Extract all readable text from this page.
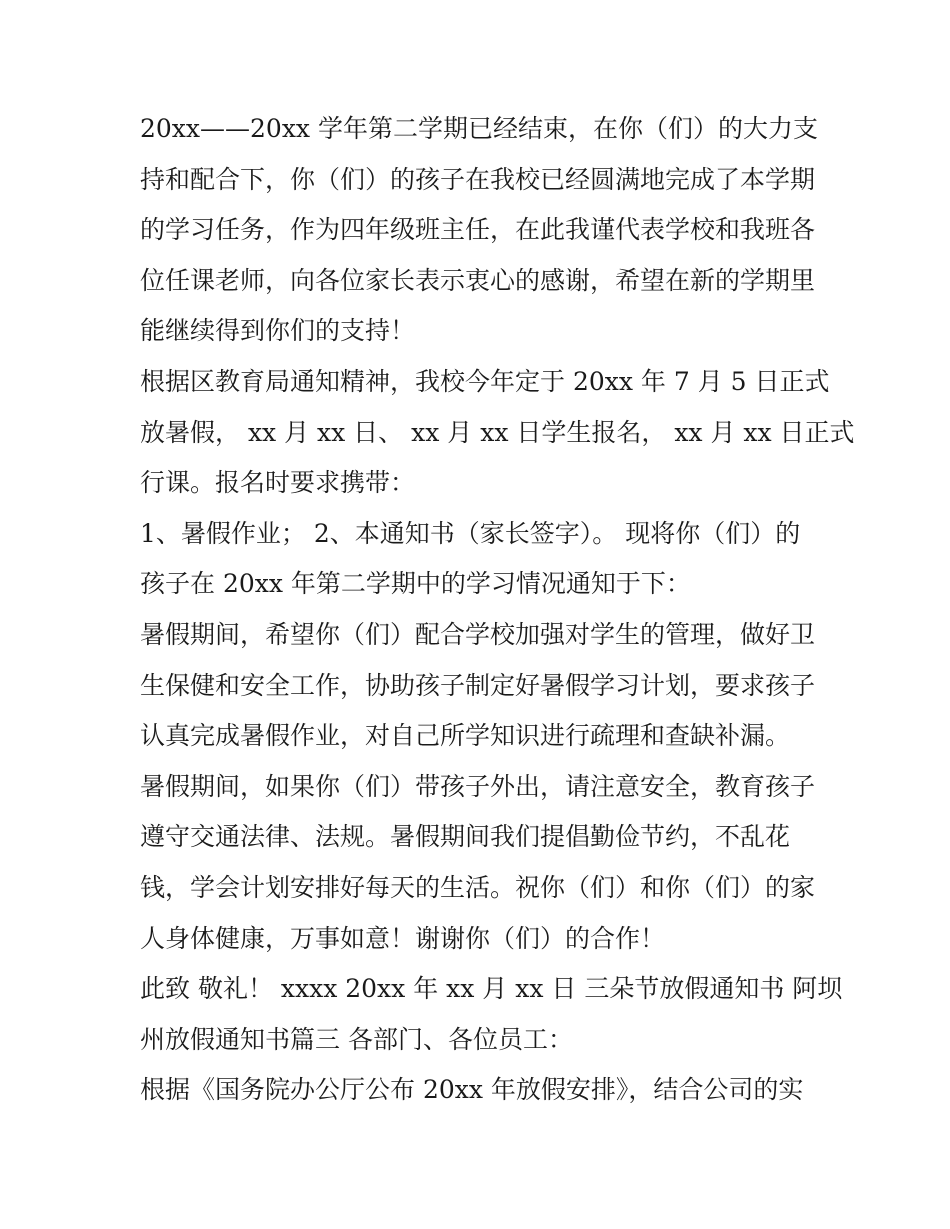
20xx——20xx 学年第二学期已经结束，在你（们）的大力支
持和配合下，你（们）的孩子在我校已经圆满地完成了本学期
的学习任务，作为四年级班主任，在此我谨代表学校和我班各
位任课老师，向各位家长表示衷心的感谢，希望在新的学期里
能继续得到你们的支持！
根据区教育局通知精神，我校今年定于 20xx 年 7 月 5 日正式
放暑假， xx 月 xx 日、 xx 月 xx 日学生报名， xx 月 xx 日正式
行课。报名时要求携带：
1、暑假作业； 2、本通知书（家长签字）。 现将你（们）的
孩子在 20xx 年第二学期中的学习情况通知于下：
暑假期间，希望你（们）配合学校加强对学生的管理，做好卫
生保健和安全工作，协助孩子制定好暑假学习计划，要求孩子
认真完成暑假作业，对自己所学知识进行疏理和查缺补漏。
暑假期间，如果你（们）带孩子外出，请注意安全，教育孩子
遵守交通法律、法规。暑假期间我们提倡勤俭节约，不乱花
钱，学会计划安排好每天的生活。祝你（们）和你（们）的家
人身体健康，万事如意！谢谢你（们）的合作！
此致 敬礼！ xxxx 20xx 年 xx 月 xx 日 三朵节放假通知书 阿坝
州放假通知书篇三 各部门、各位员工：
根据《国务院办公厅公布 20xx 年放假安排》，结合公司的实
